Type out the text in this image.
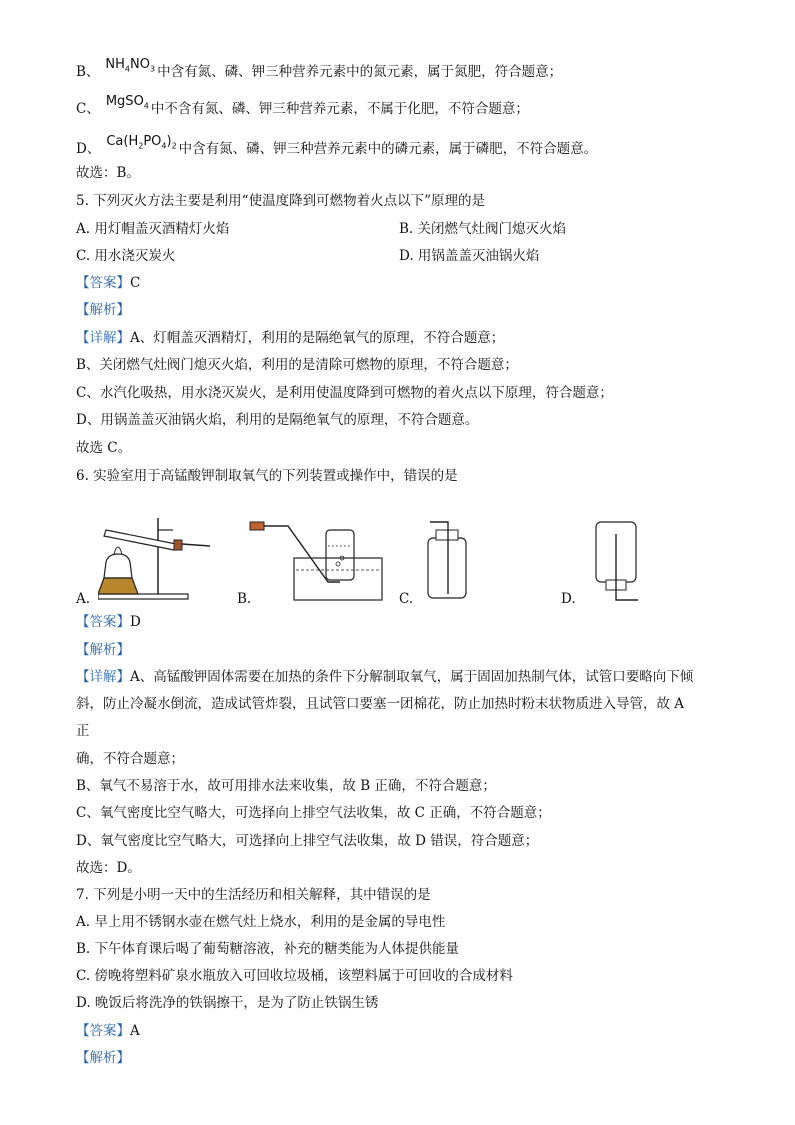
B、 $NH_4NO_3$ 中含有氮、磷、钾三种营养元素中的氮元素，属于氮肥，符合题意；
C、 MgSO$_4$ 中不含有氮、磷、钾三种营养元素，不属于化肥，不符合题意；
D、 $Ca(H_2PO_4)_2$ 中含有氮、磷、钾三种营养元素中的磷元素，属于磷肥，不符合题意。
故选：B。
5. 下列灭火方法主要是利用“使温度降到可燃物着火点以下”原理的是
A. 用灯帽盖灭酒精灯火焰	B. 关闭燃气灶阀门熄灭火焰
C. 用水浇灭炭火	D. 用锅盖盖灭油锅火焰
【答案】C
【解析】
【详解】A、灯帽盖灭酒精灯，利用的是隔绝氧气的原理，不符合题意；
B、关闭燃气灶阀门熄灭火焰，利用的是清除可燃物的原理，不符合题意；
C、水汽化吸热，用水浇灭炭火，是利用使温度降到可燃物的着火点以下原理，符合题意；
D、用锅盖盖灭油锅火焰，利用的是隔绝氧气的原理，不符合题意。
故选 C。
6. 实验室用于高锰酸钾制取氧气的下列装置或操作中，错误的是
A.	B.	C.	D.
【答案】D
【解析】
【详解】A、高锰酸钾固体需要在加热的条件下分解制取氧气，属于固固加热制气体，试管口要略向下倾
斜，防止冷凝水倒流，造成试管炸裂，且试管口要塞一团棉花，防止加热时粉末状物质进入导管，故 A
正
确，不符合题意；
B、氧气不易溶于水，故可用排水法来收集，故 B 正确，不符合题意；
C、氧气密度比空气略大，可选择向上排空气法收集，故 C 正确，不符合题意；
D、氧气密度比空气略大，可选择向上排空气法收集，故 D 错误，符合题意；
故选：D。
7. 下列是小明一天中的生活经历和相关解释，其中错误的是
A. 早上用不锈钢水壶在燃气灶上烧水，利用的是金属的导电性
B. 下午体育课后喝了葡萄糖溶液，补充的糖类能为人体提供能量
C. 傍晚将塑料矿泉水瓶放入可回收垃圾桶，该塑料属于可回收的合成材料
D. 晚饭后将洗净的铁锅擦干，是为了防止铁锅生锈
【答案】A
【解析】
